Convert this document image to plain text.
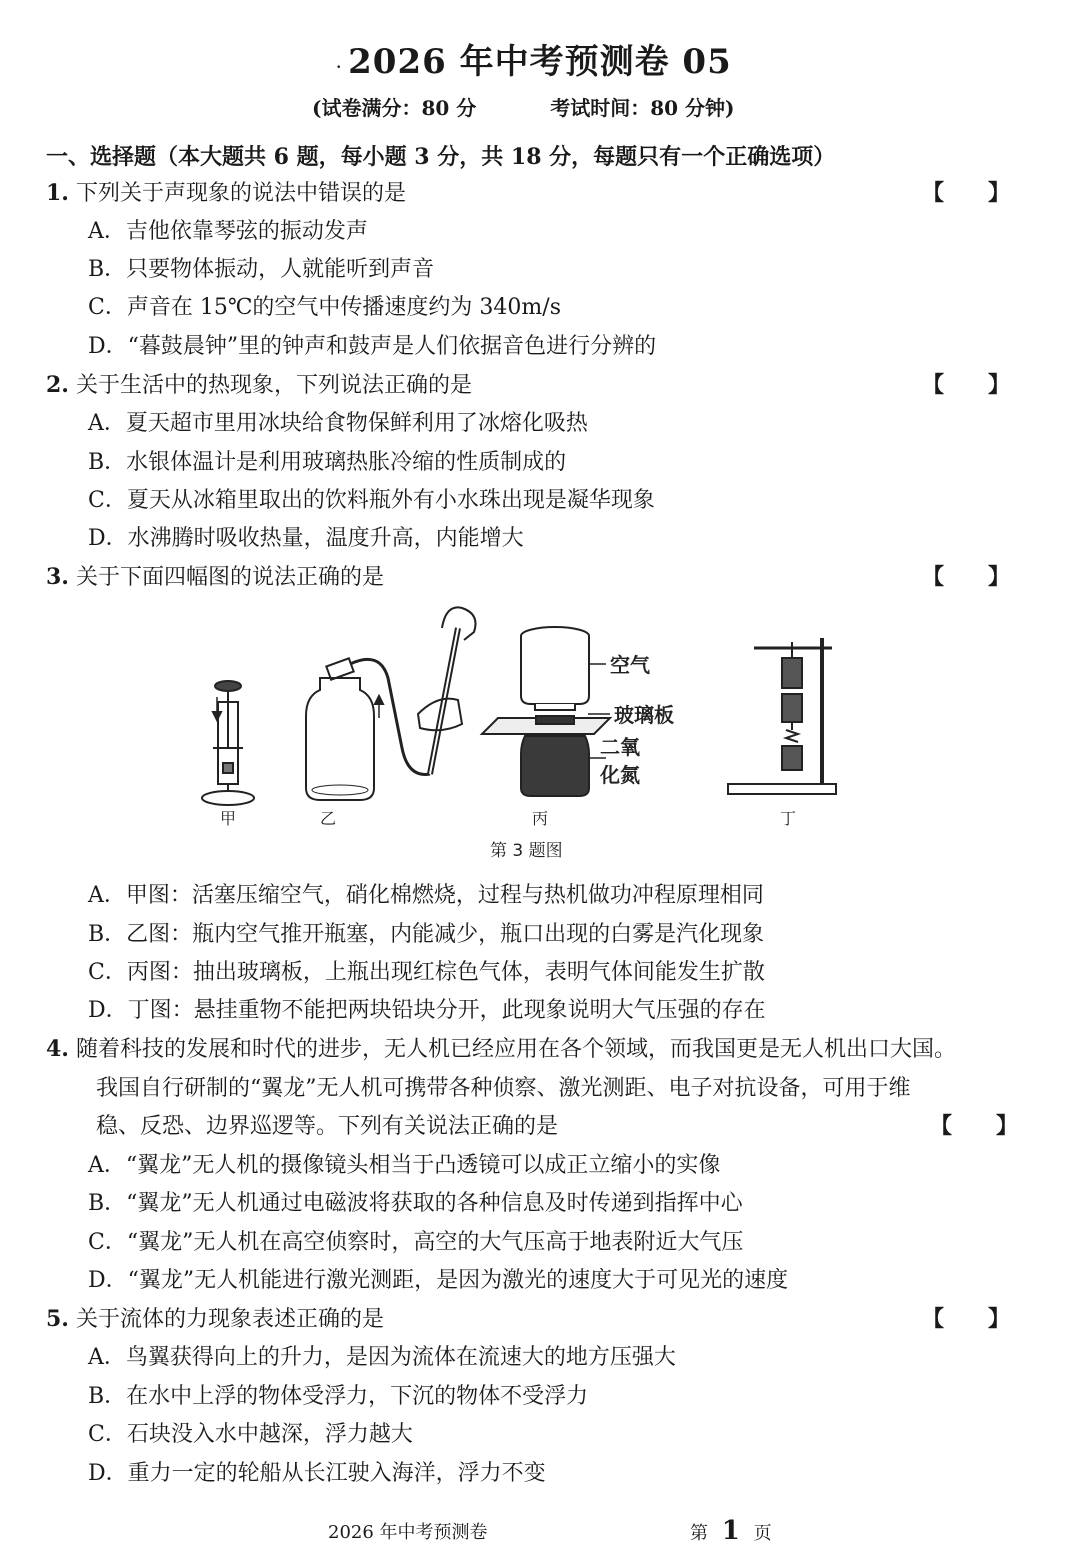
. 2026 年中考预测卷 05
(试卷满分：80 分	考试时间：80 分钟)
一、选择题（本大题共 6 题，每小题 3 分，共 18 分，每题只有一个正确选项）
1. 下列关于声现象的说法中错误的是	【　　】
A．吉他依靠琴弦的振动发声
B．只要物体振动，人就能听到声音
C．声音在 15℃的空气中传播速度约为 340m/s
D．“暮鼓晨钟”里的钟声和鼓声是人们依据音色进行分辨的
2. 关于生活中的热现象，下列说法正确的是	【　　】
A．夏天超市里用冰块给食物保鲜利用了冰熔化吸热
B．水银体温计是利用玻璃热胀冷缩的性质制成的
C．夏天从冰箱里取出的饮料瓶外有小水珠出现是凝华现象
D．水沸腾时吸收热量，温度升高，内能增大
3. 关于下面四幅图的说法正确的是	【　　】
甲	乙
空气
玻璃板
二氧
化氮
丙	丁
第 3 题图
A．甲图：活塞压缩空气，硝化棉燃烧，过程与热机做功冲程原理相同
B．乙图：瓶内空气推开瓶塞，内能减少，瓶口出现的白雾是汽化现象
C．丙图：抽出玻璃板，上瓶出现红棕色气体，表明气体间能发生扩散
D．丁图：悬挂重物不能把两块铅块分开，此现象说明大气压强的存在
4. 随着科技的发展和时代的进步，无人机已经应用在各个领域，而我国更是无人机出口大国。
我国自行研制的“翼龙”无人机可携带各种侦察、激光测距、电子对抗设备，可用于维
稳、反恐、边界巡逻等。下列有关说法正确的是	【　　】
A．“翼龙”无人机的摄像镜头相当于凸透镜可以成正立缩小的实像
B．“翼龙”无人机通过电磁波将获取的各种信息及时传递到指挥中心
C．“翼龙”无人机在高空侦察时，高空的大气压高于地表附近大气压
D．“翼龙”无人机能进行激光测距，是因为激光的速度大于可见光的速度
5. 关于流体的力现象表述正确的是	【　　】
A．鸟翼获得向上的升力，是因为流体在流速大的地方压强大
B．在水中上浮的物体受浮力，下沉的物体不受浮力
C．石块没入水中越深，浮力越大
D．重力一定的轮船从长江驶入海洋，浮力不变
2026 年中考预测卷	第 1 页
